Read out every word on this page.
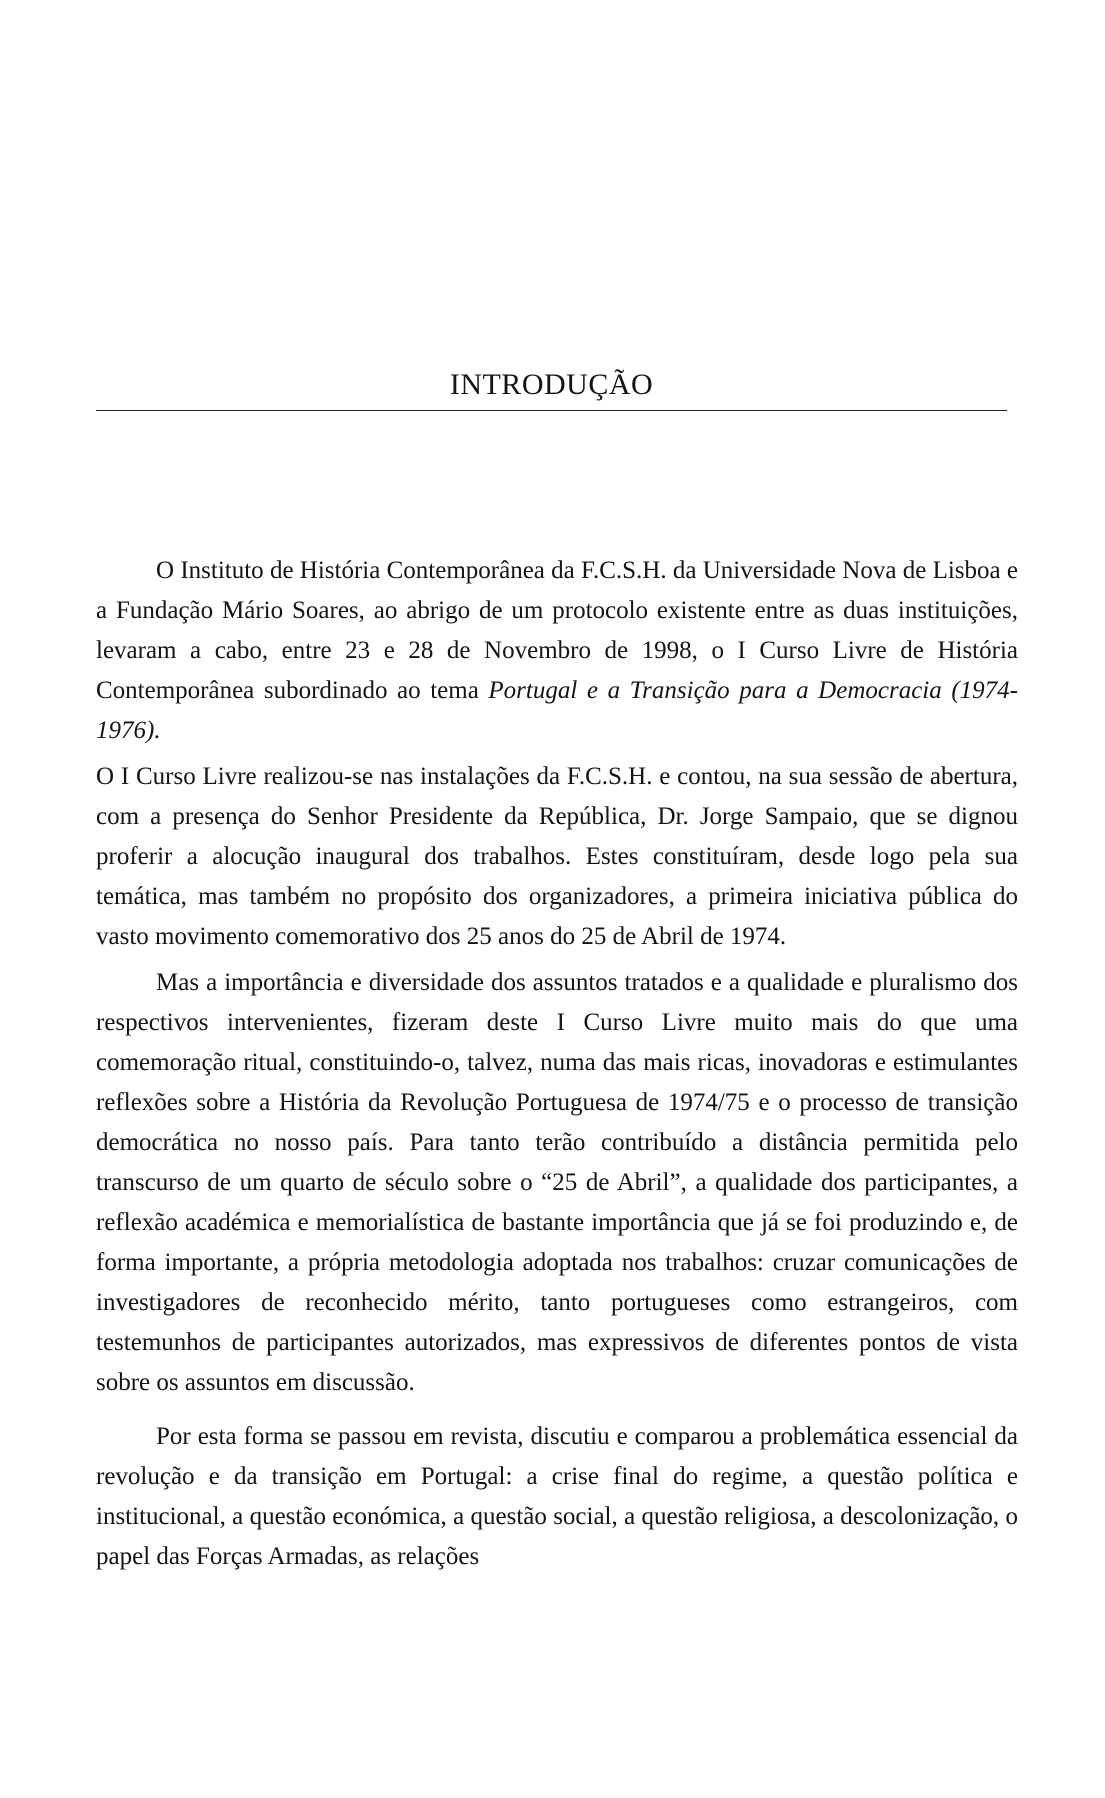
INTRODUÇÃO

O Instituto de História Contemporânea da F.C.S.H. da Universidade Nova de Lisboa e a Fundação Mário Soares, ao abrigo de um protocolo existente entre as duas instituições, levaram a cabo, entre 23 e 28 de Novembro de 1998, o I Curso Livre de História Contemporânea subordinado ao tema Portugal e a Transição para a Democracia (1974-1976).

O I Curso Livre realizou-se nas instalações da F.C.S.H. e contou, na sua sessão de abertura, com a presença do Senhor Presidente da República, Dr. Jorge Sampaio, que se dignou proferir a alocução inaugural dos trabalhos. Estes constituíram, desde logo pela sua temática, mas também no propósito dos organizadores, a primeira iniciativa pública do vasto movimento comemorativo dos 25 anos do 25 de Abril de 1974.

Mas a importância e diversidade dos assuntos tratados e a qualidade e pluralismo dos respectivos intervenientes, fizeram deste I Curso Livre muito mais do que uma comemoração ritual, constituindo-o, talvez, numa das mais ricas, inovadoras e estimulantes reflexões sobre a História da Revolução Portuguesa de 1974/75 e o processo de transição democrática no nosso país. Para tanto terão contribuído a distância permitida pelo transcurso de um quarto de século sobre o “25 de Abril”, a qualidade dos participantes, a reflexão académica e memorialística de bastante importância que já se foi produzindo e, de forma importante, a própria metodologia adoptada nos trabalhos: cruzar comunicações de investigadores de reconhecido mérito, tanto portugueses como estrangeiros, com testemunhos de participantes autorizados, mas expressivos de diferentes pontos de vista sobre os assuntos em discussão.

Por esta forma se passou em revista, discutiu e comparou a problemática essencial da revolução e da transição em Portugal: a crise final do regime, a questão política e institucional, a questão económica, a questão social, a questão religiosa, a descolonização, o papel das Forças Armadas, as relações
